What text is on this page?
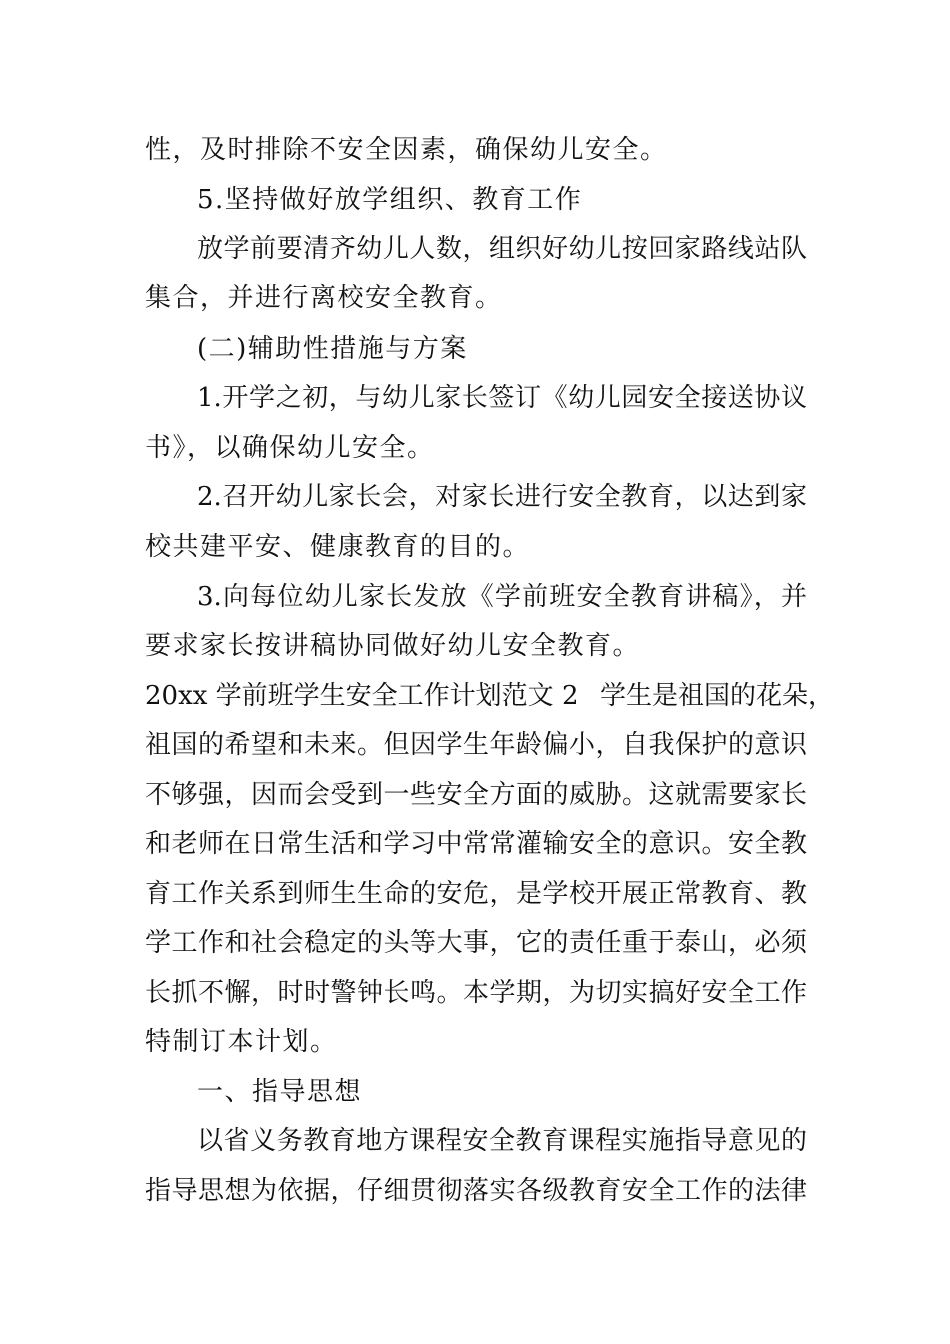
性，及时排除不安全因素，确保幼儿安全。
5.坚持做好放学组织、教育工作
放学前要清齐幼儿人数，组织好幼儿按回家路线站队
集合，并进行离校安全教育。
(二)辅助性措施与方案
1.开学之初，与幼儿家长签订《幼儿园安全接送协议
书》，以确保幼儿安全。
2.召开幼儿家长会，对家长进行安全教育，以达到家
校共建平安、健康教育的目的。
3.向每位幼儿家长发放《学前班安全教育讲稿》，并
要求家长按讲稿协同做好幼儿安全教育。
20xx 学前班学生安全工作计划范文 2 学生是祖国的花朵，
祖国的希望和未来。但因学生年龄偏小，自我保护的意识
不够强，因而会受到一些安全方面的威胁。这就需要家长
和老师在日常生活和学习中常常灌输安全的意识。安全教
育工作关系到师生生命的安危，是学校开展正常教育、教
学工作和社会稳定的头等大事，它的责任重于泰山，必须
长抓不懈，时时警钟长鸣。本学期，为切实搞好安全工作
特制订本计划。
一、指导思想
以省义务教育地方课程安全教育课程实施指导意见的
指导思想为依据，仔细贯彻落实各级教育安全工作的法律
